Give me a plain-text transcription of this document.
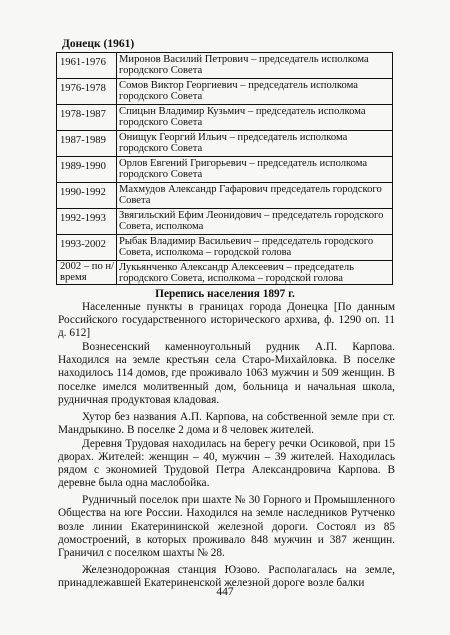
Донецк (1961)
1961-1976	Миронов Василий Петрович – председатель исполкома городского Совета
1976-1978	Сомов Виктор Георгиевич – председатель исполкома городского Совета
1978-1987	Спицын Владимир Кузьмич – председатель исполкома городского Совета
1987-1989	Онищук Георгий Ильич – председатель исполкома городского Совета
1989-1990	Орлов Евгений Григорьевич – председатель исполкома городского Совета
1990-1992	Махмудов Александр Гафарович председатель городского Совета
1992-1993	Звягильский Ефим Леонидович – председатель городского Совета, исполкома
1993-2002	Рыбак Владимир Васильевич – председатель городского Совета, исполкома – городской голова
2002 – по н/время	Лукьянченко Александр Алексеевич – председатель городского Совета, исполкома – городской голова
Перепись населения 1897 г.

Населенные пункты в границах города Донецка [По данным Российского государственного исторического архива, ф. 1290 оп. 11 д. 612]

Вознесенский каменноугольный рудник А.П. Карпова. Находился на земле крестьян села Старо-Михайловка. В поселке находилось 114 домов, где проживало 1063 мужчин и 509 женщин. В поселке имелся молитвенный дом, больница и начальная школа, рудничная продуктовая кладовая.

Хутор без названия А.П. Карпова, на собственной земле при ст. Мандрыкино. В поселке 2 дома и 8 человек жителей.

Деревня Трудовая находилась на берегу речки Осиковой, при 15 дворах. Жителей: женщин – 40, мужчин – 39 жителей. Находилась рядом с экономией Трудовой Петра Александровича Карпова. В деревне была одна маслобойка.

Рудничный поселок при шахте № 30 Горного и Промышленного Общества на юге России. Находился на земле наследников Рутченко возле линии Екатерининской железной дороги. Состоял из 85 домостроений, в которых проживало 848 мужчин и 387 женщин. Граничил с поселком шахты № 28.

Железнодорожная станция Юзово. Располагалась на земле, принадлежавшей Екатериненской железной дороге возле балки

447
